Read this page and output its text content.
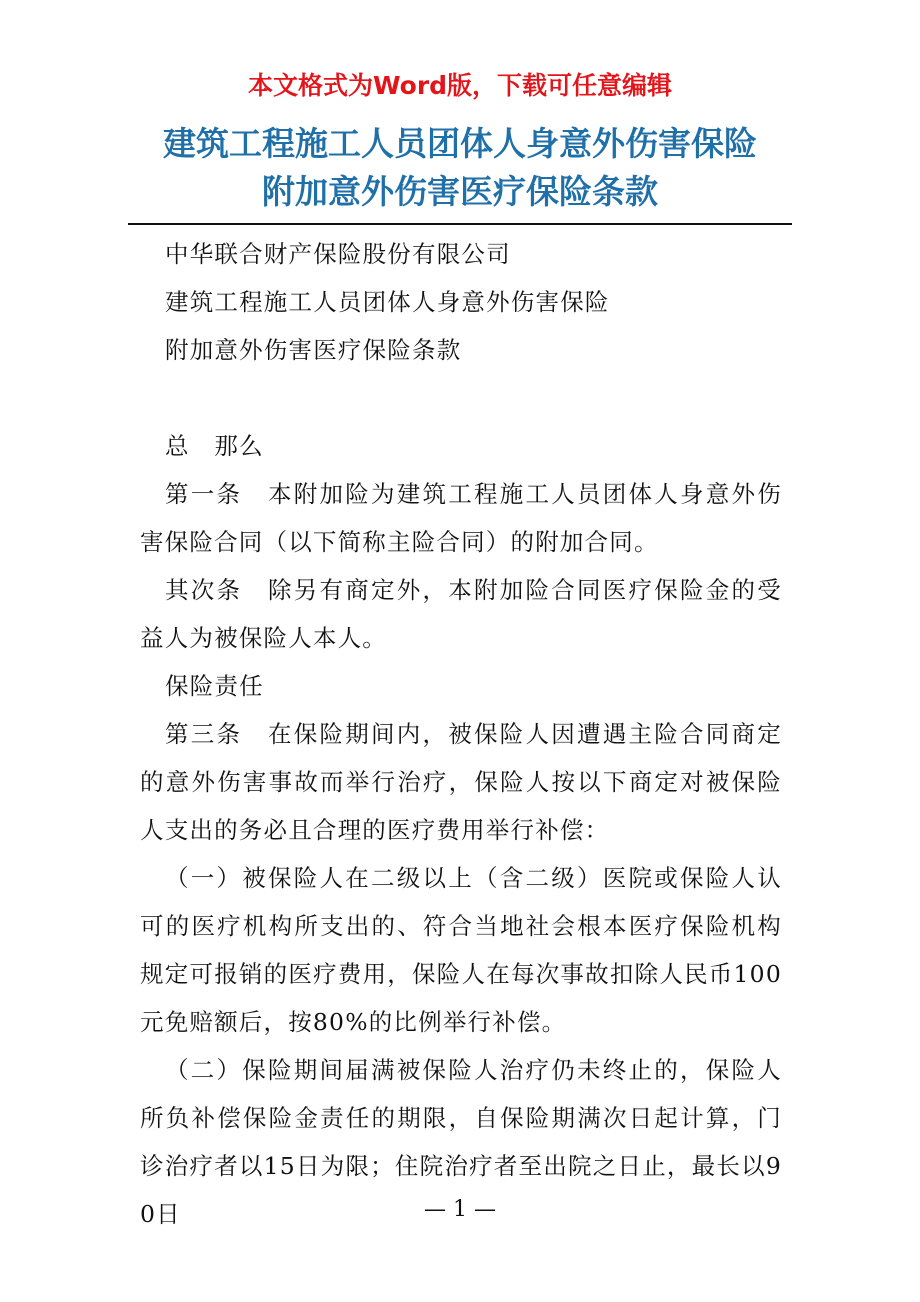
本文格式为Word版，下载可任意编辑
建筑工程施工人员团体人身意外伤害保险
附加意外伤害医疗保险条款

中华联合财产保险股份有限公司

建筑工程施工人员团体人身意外伤害保险

附加意外伤害医疗保险条款

总　那么

第一条　本附加险为建筑工程施工人员团体人身意外伤害保险合同（以下简称主险合同）的附加合同。

其次条　除另有商定外，本附加险合同医疗保险金的受益人为被保险人本人。

保险责任

第三条　在保险期间内，被保险人因遭遇主险合同商定的意外伤害事故而举行治疗，保险人按以下商定对被保险人支出的务必且合理的医疗费用举行补偿：

（一）被保险人在二级以上（含二级）医院或保险人认可的医疗机构所支出的、符合当地社会根本医疗保险机构规定可报销的医疗费用，保险人在每次事故扣除人民币100元免赔额后，按80%的比例举行补偿。

（二）保险期间届满被保险人治疗仍未终止的，保险人所负补偿保险金责任的期限，自保险期满次日起计算，门诊治疗者以15日为限；住院治疗者至出院之日止，最长以90日	— 1 —
